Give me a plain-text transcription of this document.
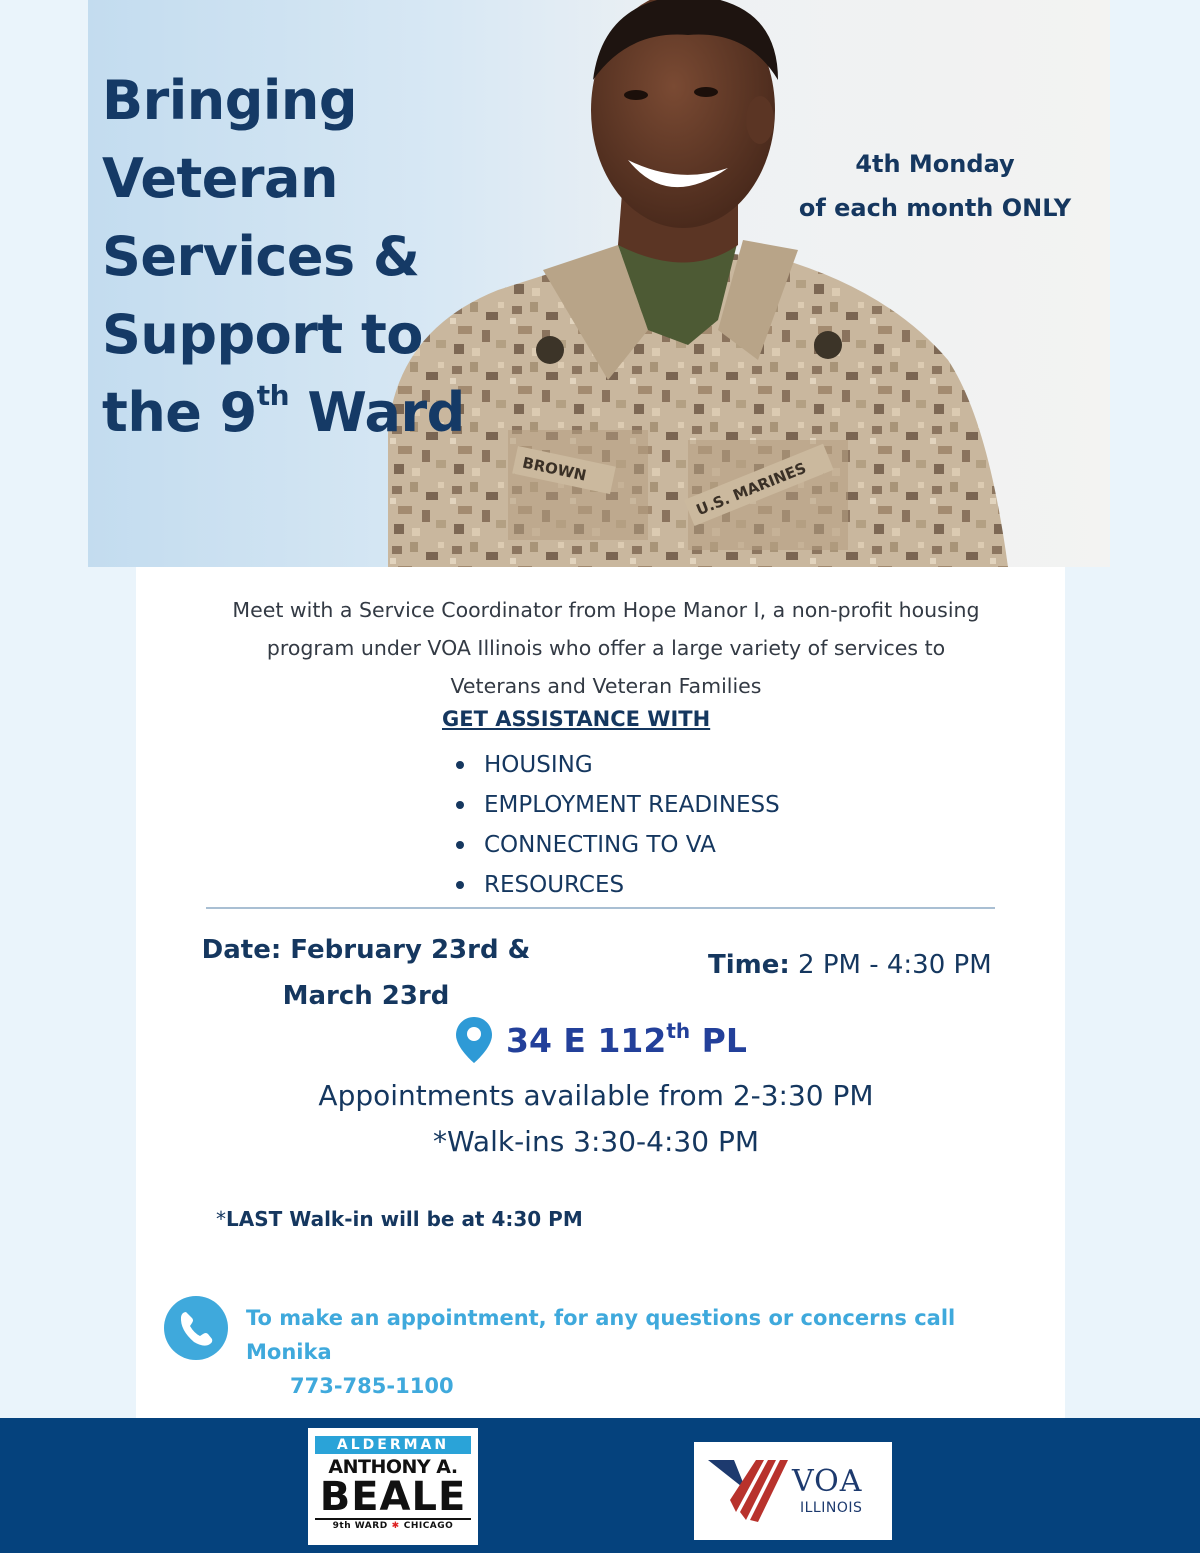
BROWN	U.S. MARINES
Bringing
Veteran
Services &
Support to
the 9th Ward
4th Monday
of each month ONLY

Meet with a Service Coordinator from Hope Manor I, a non-profit housing program under VOA Illinois who offer a large variety of services to Veterans and Veteran Families

GET ASSISTANCE WITH
HOUSING
EMPLOYMENT READINESS
CONNECTING TO VA
RESOURCES
Date: February 23rd &
March 23rd
Time: 2 PM - 4:30 PM
34 E 112th PL
Appointments available from 2-3:30 PM
*Walk-ins 3:30-4:30 PM
*LAST Walk-in will be at 4:30 PM
To make an appointment, for any questions or concerns call Monika
773-785-1100
ALDERMAN
ANTHONY A.
BEALE
9th WARD ✱ CHICAGO
VOA
ILLINOIS
